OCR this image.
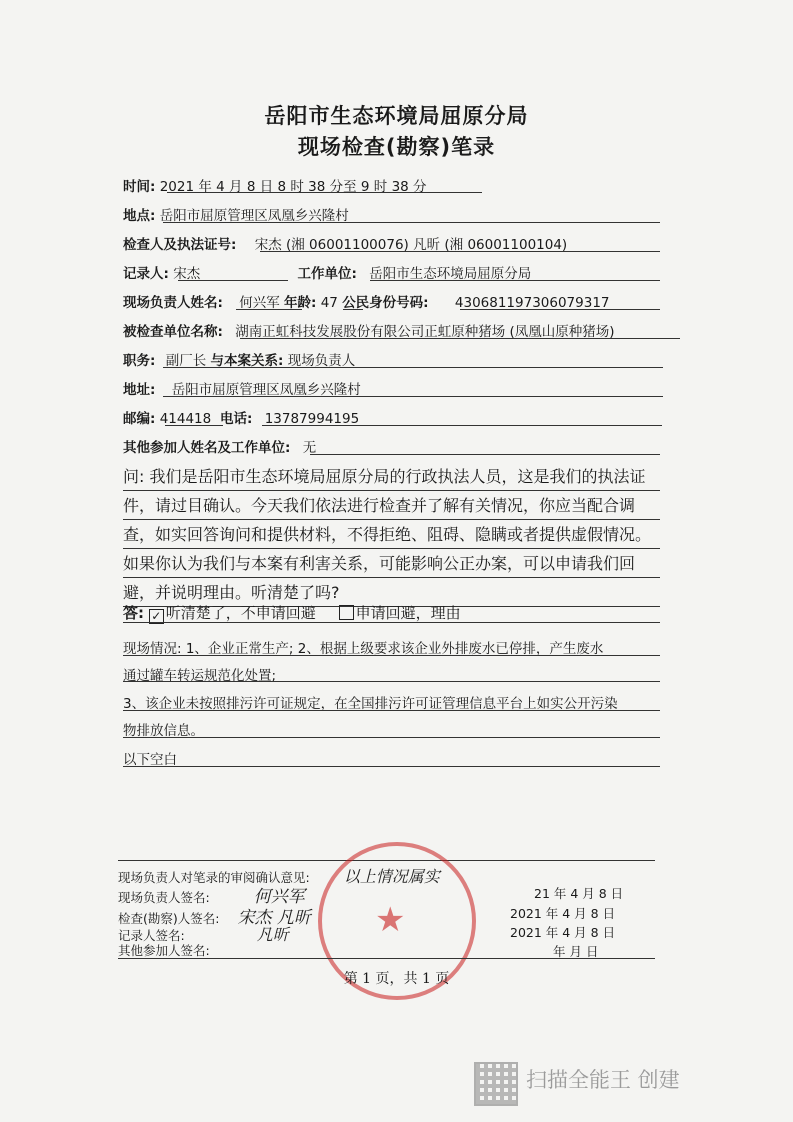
岳阳市生态环境局屈原分局
现场检查(勘察)笔录
时间: 2021 年 4 月 8 日 8 时 38 分至 9 时 38 分
地点: 岳阳市屈原管理区凤凰乡兴隆村
检查人及执法证号: 宋杰 (湘 06001100076) 凡昕 (湘 06001100104)
记录人: 宋杰	工作单位: 岳阳市生态环境局屈原分局
现场负责人姓名: 何兴军 年龄: 47 公民身份号码: 430681197306079317
被检查单位名称: 湖南正虹科技发展股份有限公司正虹原种猪场 (凤凰山原种猪场)
职务: 副厂长 与本案关系: 现场负责人
地址: 岳阳市屈原管理区凤凰乡兴隆村
邮编: 414418 电话: 13787994195
其他参加人姓名及工作单位: 无
问: 我们是岳阳市生态环境局屈原分局的行政执法人员，这是我们的执法证件，请过目确认。今天我们依法进行检查并了解有关情况，你应当配合调查，如实回答询问和提供材料，不得拒绝、阻碍、隐瞒或者提供虚假情况。如果你认为我们与本案有利害关系，可能影响公正办案，可以申请我们回避，并说明理由。听清楚了吗?
答: ✓ 听清楚了，不申请回避	申请回避，理由
现场情况: 1、企业正常生产; 2、根据上级要求该企业外排废水已停排，产生废水
通过罐车转运规范化处置;
3、该企业未按照排污许可证规定，在全国排污许可证管理信息平台上如实公开污染
物排放信息。
以下空白
★
现场负责人对笔录的审阅确认意见: 以上情况属实
现场负责人签名:	何兴军	21 年 4 月 8 日
检查(勘察)人签名: 宋杰 凡昕	2021 年 4 月 8 日
记录人签名:	凡昕	2021 年 4 月 8 日
其他参加人签名:	年 月 日
第 1 页，共 1 页
扫描全能王 创建
